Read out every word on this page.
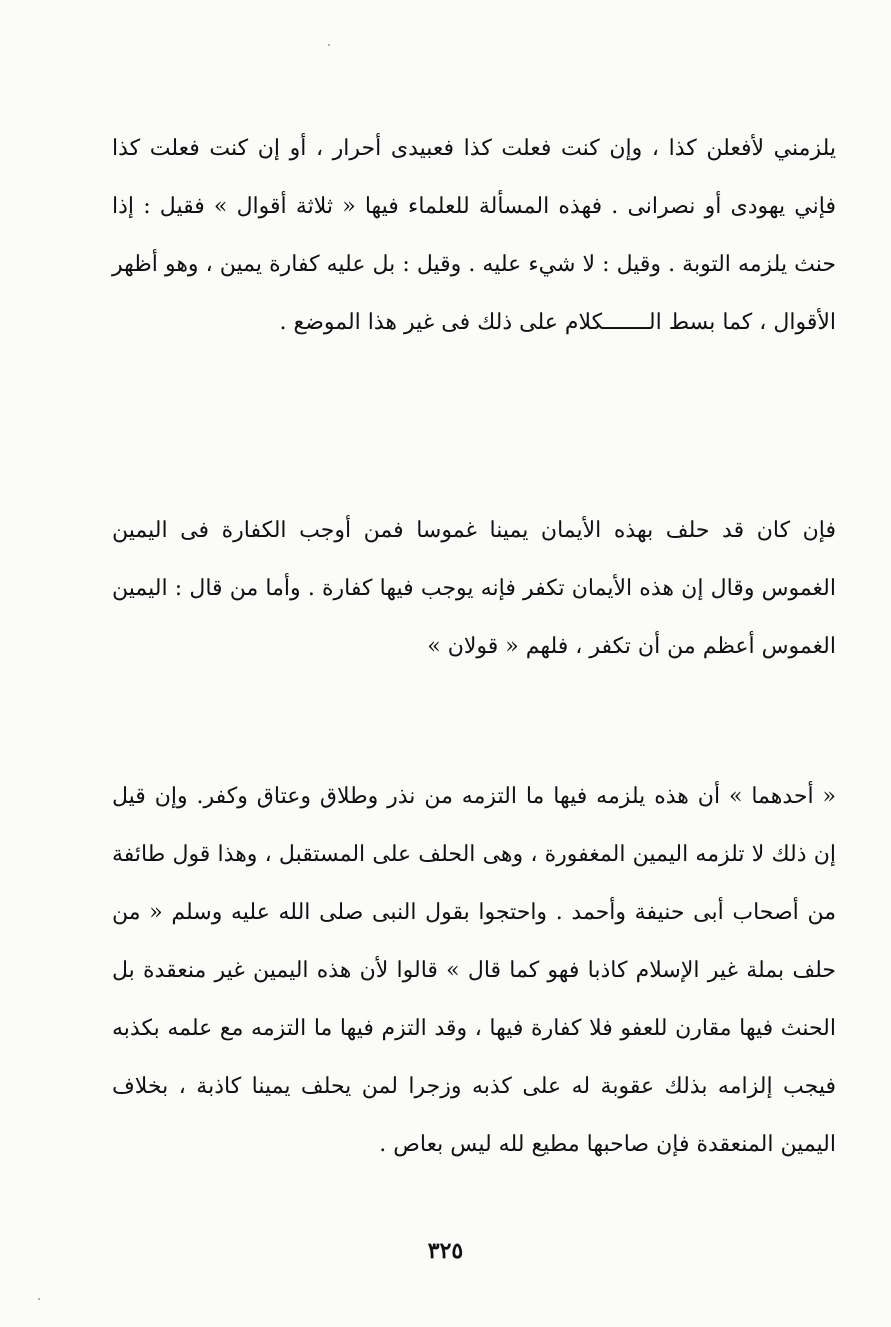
يلزمني لأفعلن كذا ، وإن كنت فعلت كذا فعبيدى أحرار ، أو إن كنت فعلت كذا فإني يهودى أو نصرانى . فهذه المسألة للعلماء فيها « ثلاثة أقوال » فقيل : إذا حنث يلزمه التوبة . وقيل : لا شيء عليه . وقيل : بل عليه كفارة يمين ، وهو أظهر الأقوال ، كما بسط الـــــــكلام على ذلك فى غير هذا الموضع .

فإن كان قد حلف بهذه الأيمان يمينا غموسا فمن أوجب الكفارة فى اليمين الغموس وقال إن هذه الأيمان تكفر فإنه يوجب فيها كفارة . وأما من قال : اليمين الغموس أعظم من أن تكفر ، فلهم « قولان »

« أحدهما » أن هذه يلزمه فيها ما التزمه من نذر وطلاق وعتاق وكفر. وإن قيل إن ذلك لا تلزمه اليمين المغفورة ، وهى الحلف على المستقبل ، وهذا قول طائفة من أصحاب أبى حنيفة وأحمد . واحتجوا بقول النبى صلى الله عليه وسلم « من حلف بملة غير الإسلام كاذبا فهو كما قال » قالوا لأن هذه اليمين غير منعقدة بل الحنث فيها مقارن للعفو فلا كفارة فيها ، وقد التزم فيها ما التزمه مع علمه بكذبه فيجب إلزامه بذلك عقوبة له على كذبه وزجرا لمن يحلف يمينا كاذبة ، بخلاف اليمين المنعقدة فإن صاحبها مطيع لله ليس بعاص .

٣٢٥
